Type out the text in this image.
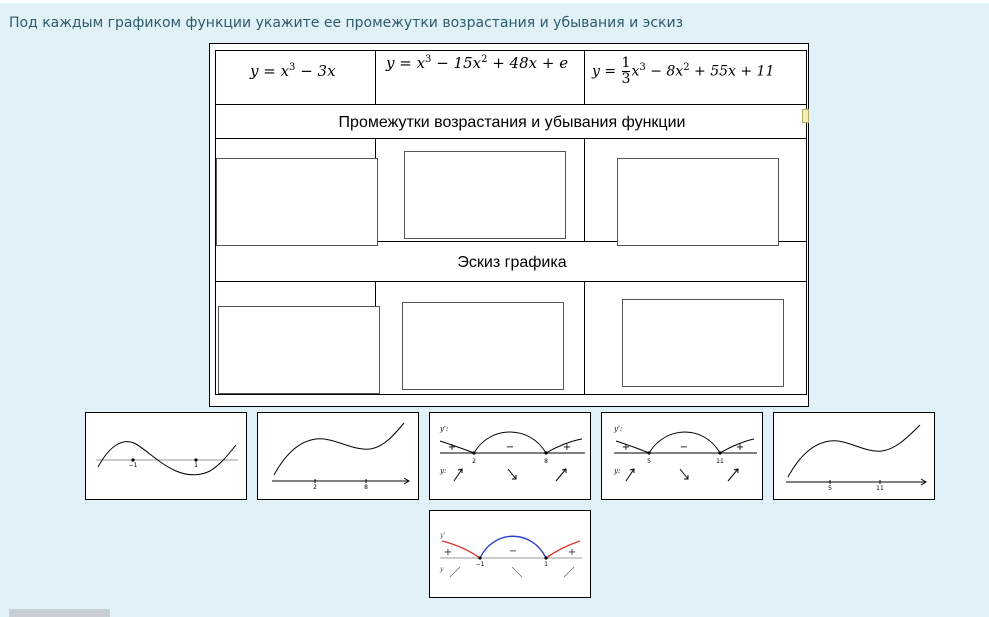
Под каждым графиком функции укажите ее промежутки возрастания и убывания и эскиз
$y = x^3 - 3x$	$y = x^3 - 15x^2 + 48x + e$ $y = \frac{1}{3} x^3 - 8x^2 + 55x + 11$
Промежутки возрастания и убывания функции
Эскиз графика
−1	1
2	8
y':
+	−	+
2	8
y:
y':
+	−	+
5	11
y:
5	11
y'
+	−	+
−1	1
y
